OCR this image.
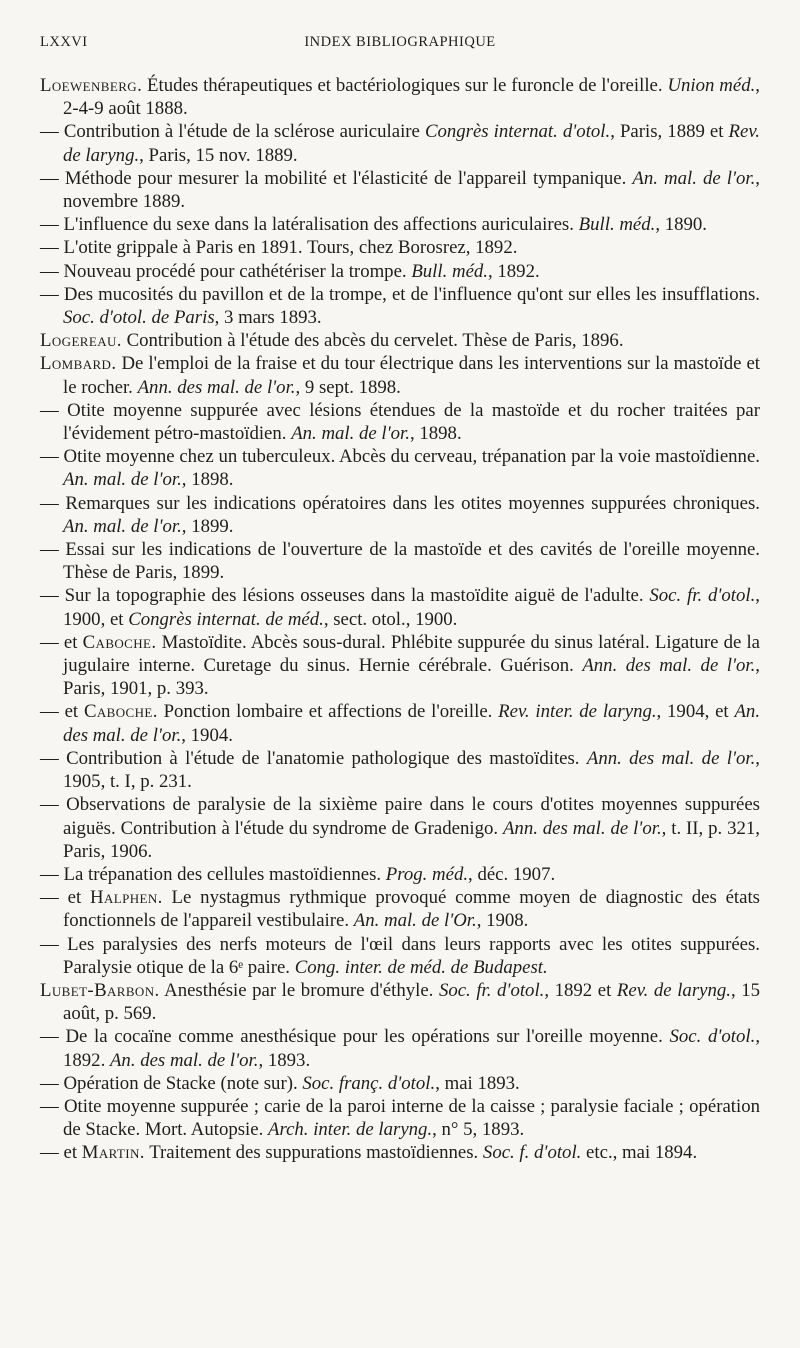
LXXVI	INDEX BIBLIOGRAPHIQUE

Loewenberg. Études thérapeutiques et bactériologiques sur le furoncle de l'oreille. Union méd., 2-4-9 août 1888.

— Contribution à l'étude de la sclérose auriculaire Congrès internat. d'otol., Paris, 1889 et Rev. de laryng., Paris, 15 nov. 1889.

— Méthode pour mesurer la mobilité et l'élasticité de l'appareil tympanique. An. mal. de l'or., novembre 1889.

— L'influence du sexe dans la latéralisation des affections auriculaires. Bull. méd., 1890.

— L'otite grippale à Paris en 1891. Tours, chez Borosrez, 1892.

— Nouveau procédé pour cathétériser la trompe. Bull. méd., 1892.

— Des mucosités du pavillon et de la trompe, et de l'influence qu'ont sur elles les insufflations. Soc. d'otol. de Paris, 3 mars 1893.

Logereau. Contribution à l'étude des abcès du cervelet. Thèse de Paris, 1896.

Lombard. De l'emploi de la fraise et du tour électrique dans les interventions sur la mastoïde et le rocher. Ann. des mal. de l'or., 9 sept. 1898.

— Otite moyenne suppurée avec lésions étendues de la mastoïde et du rocher traitées par l'évidement pétro-mastoïdien. An. mal. de l'or., 1898.

— Otite moyenne chez un tuberculeux. Abcès du cerveau, trépanation par la voie mastoïdienne. An. mal. de l'or., 1898.

— Remarques sur les indications opératoires dans les otites moyennes suppurées chroniques. An. mal. de l'or., 1899.

— Essai sur les indications de l'ouverture de la mastoïde et des cavités de l'oreille moyenne. Thèse de Paris, 1899.

— Sur la topographie des lésions osseuses dans la mastoïdite aiguë de l'adulte. Soc. fr. d'otol., 1900, et Congrès internat. de méd., sect. otol., 1900.

— et Caboche. Mastoïdite. Abcès sous-dural. Phlébite suppurée du sinus latéral. Ligature de la jugulaire interne. Curetage du sinus. Hernie cérébrale. Guérison. Ann. des mal. de l'or., Paris, 1901, p. 393.

— et Caboche. Ponction lombaire et affections de l'oreille. Rev. inter. de laryng., 1904, et An. des mal. de l'or., 1904.

— Contribution à l'étude de l'anatomie pathologique des mastoïdites. Ann. des mal. de l'or., 1905, t. I, p. 231.

— Observations de paralysie de la sixième paire dans le cours d'otites moyennes suppurées aiguës. Contribution à l'étude du syndrome de Gradenigo. Ann. des mal. de l'or., t. II, p. 321, Paris, 1906.

— La trépanation des cellules mastoïdiennes. Prog. méd., déc. 1907.

— et Halphen. Le nystagmus rythmique provoqué comme moyen de diagnostic des états fonctionnels de l'appareil vestibulaire. An. mal. de l'Or., 1908.

— Les paralysies des nerfs moteurs de l'œil dans leurs rapports avec les otites suppurées. Paralysie otique de la 6ᵉ paire. Cong. inter. de méd. de Budapest.

Lubet-Barbon. Anesthésie par le bromure d'éthyle. Soc. fr. d'otol., 1892 et Rev. de laryng., 15 août, p. 569.

— De la cocaïne comme anesthésique pour les opérations sur l'oreille moyenne. Soc. d'otol., 1892. An. des mal. de l'or., 1893.

— Opération de Stacke (note sur). Soc. franç. d'otol., mai 1893.

— Otite moyenne suppurée ; carie de la paroi interne de la caisse ; paralysie faciale ; opération de Stacke. Mort. Autopsie. Arch. inter. de laryng., n° 5, 1893.

— et Martin. Traitement des suppurations mastoïdiennes. Soc. f. d'otol. etc., mai 1894.
